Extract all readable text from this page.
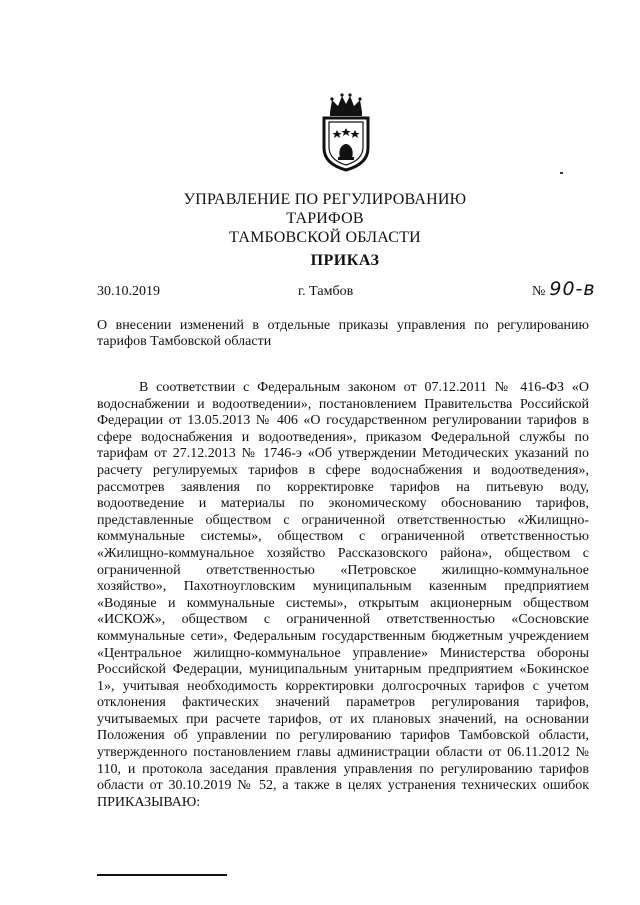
УПРАВЛЕНИЕ ПО РЕГУЛИРОВАНИЮ ТАРИФОВ
ТАМБОВСКОЙ ОБЛАСТИ
ПРИКАЗ
30.10.2019	г. Тамбов	№ 90-в
О внесении изменений в отдельные приказы управления по регулированию тарифов Тамбовской области

В соответствии с Федеральным законом от 07.12.2011 № 416-ФЗ «О водоснабжении и водоотведении», постановлением Правительства Российской Федерации от 13.05.2013 № 406 «О государственном регулировании тарифов в сфере водоснабжения и водоотведения», приказом Федеральной службы по тарифам от 27.12.2013 № 1746-э «Об утверждении Методических указаний по расчету регулируемых тарифов в сфере водоснабжения и водоотведения», рассмотрев заявления по корректировке тарифов на питьевую воду, водоотведение и материалы по экономическому обоснованию тарифов, представленные обществом с ограниченной ответственностью «Жилищно-коммунальные системы», обществом с ограниченной ответственностью «Жилищно-коммунальное хозяйство Рассказовского района», обществом с ограниченной ответственностью «Петровское жилищно-коммунальное хозяйство», Пахотноугловским муниципальным казенным предприятием «Водяные и коммунальные системы», открытым акционерным обществом «ИСКОЖ», обществом с ограниченной ответственностью «Сосновские коммунальные сети», Федеральным государственным бюджетным учреждением «Центральное жилищно-коммунальное управление» Министерства обороны Российской Федерации, муниципальным унитарным предприятием «Бокинское 1», учитывая необходимость корректировки долгосрочных тарифов с учетом отклонения фактических значений параметров регулирования тарифов, учитываемых при расчете тарифов, от их плановых значений, на основании Положения об управлении по регулированию тарифов Тамбовской области, утвержденного постановлением главы администрации области от 06.11.2012 № 110, и протокола заседания правления управления по регулированию тарифов области от 30.10.2019 № 52, а также в целях устранения технических ошибок ПРИКАЗЫВАЮ:
